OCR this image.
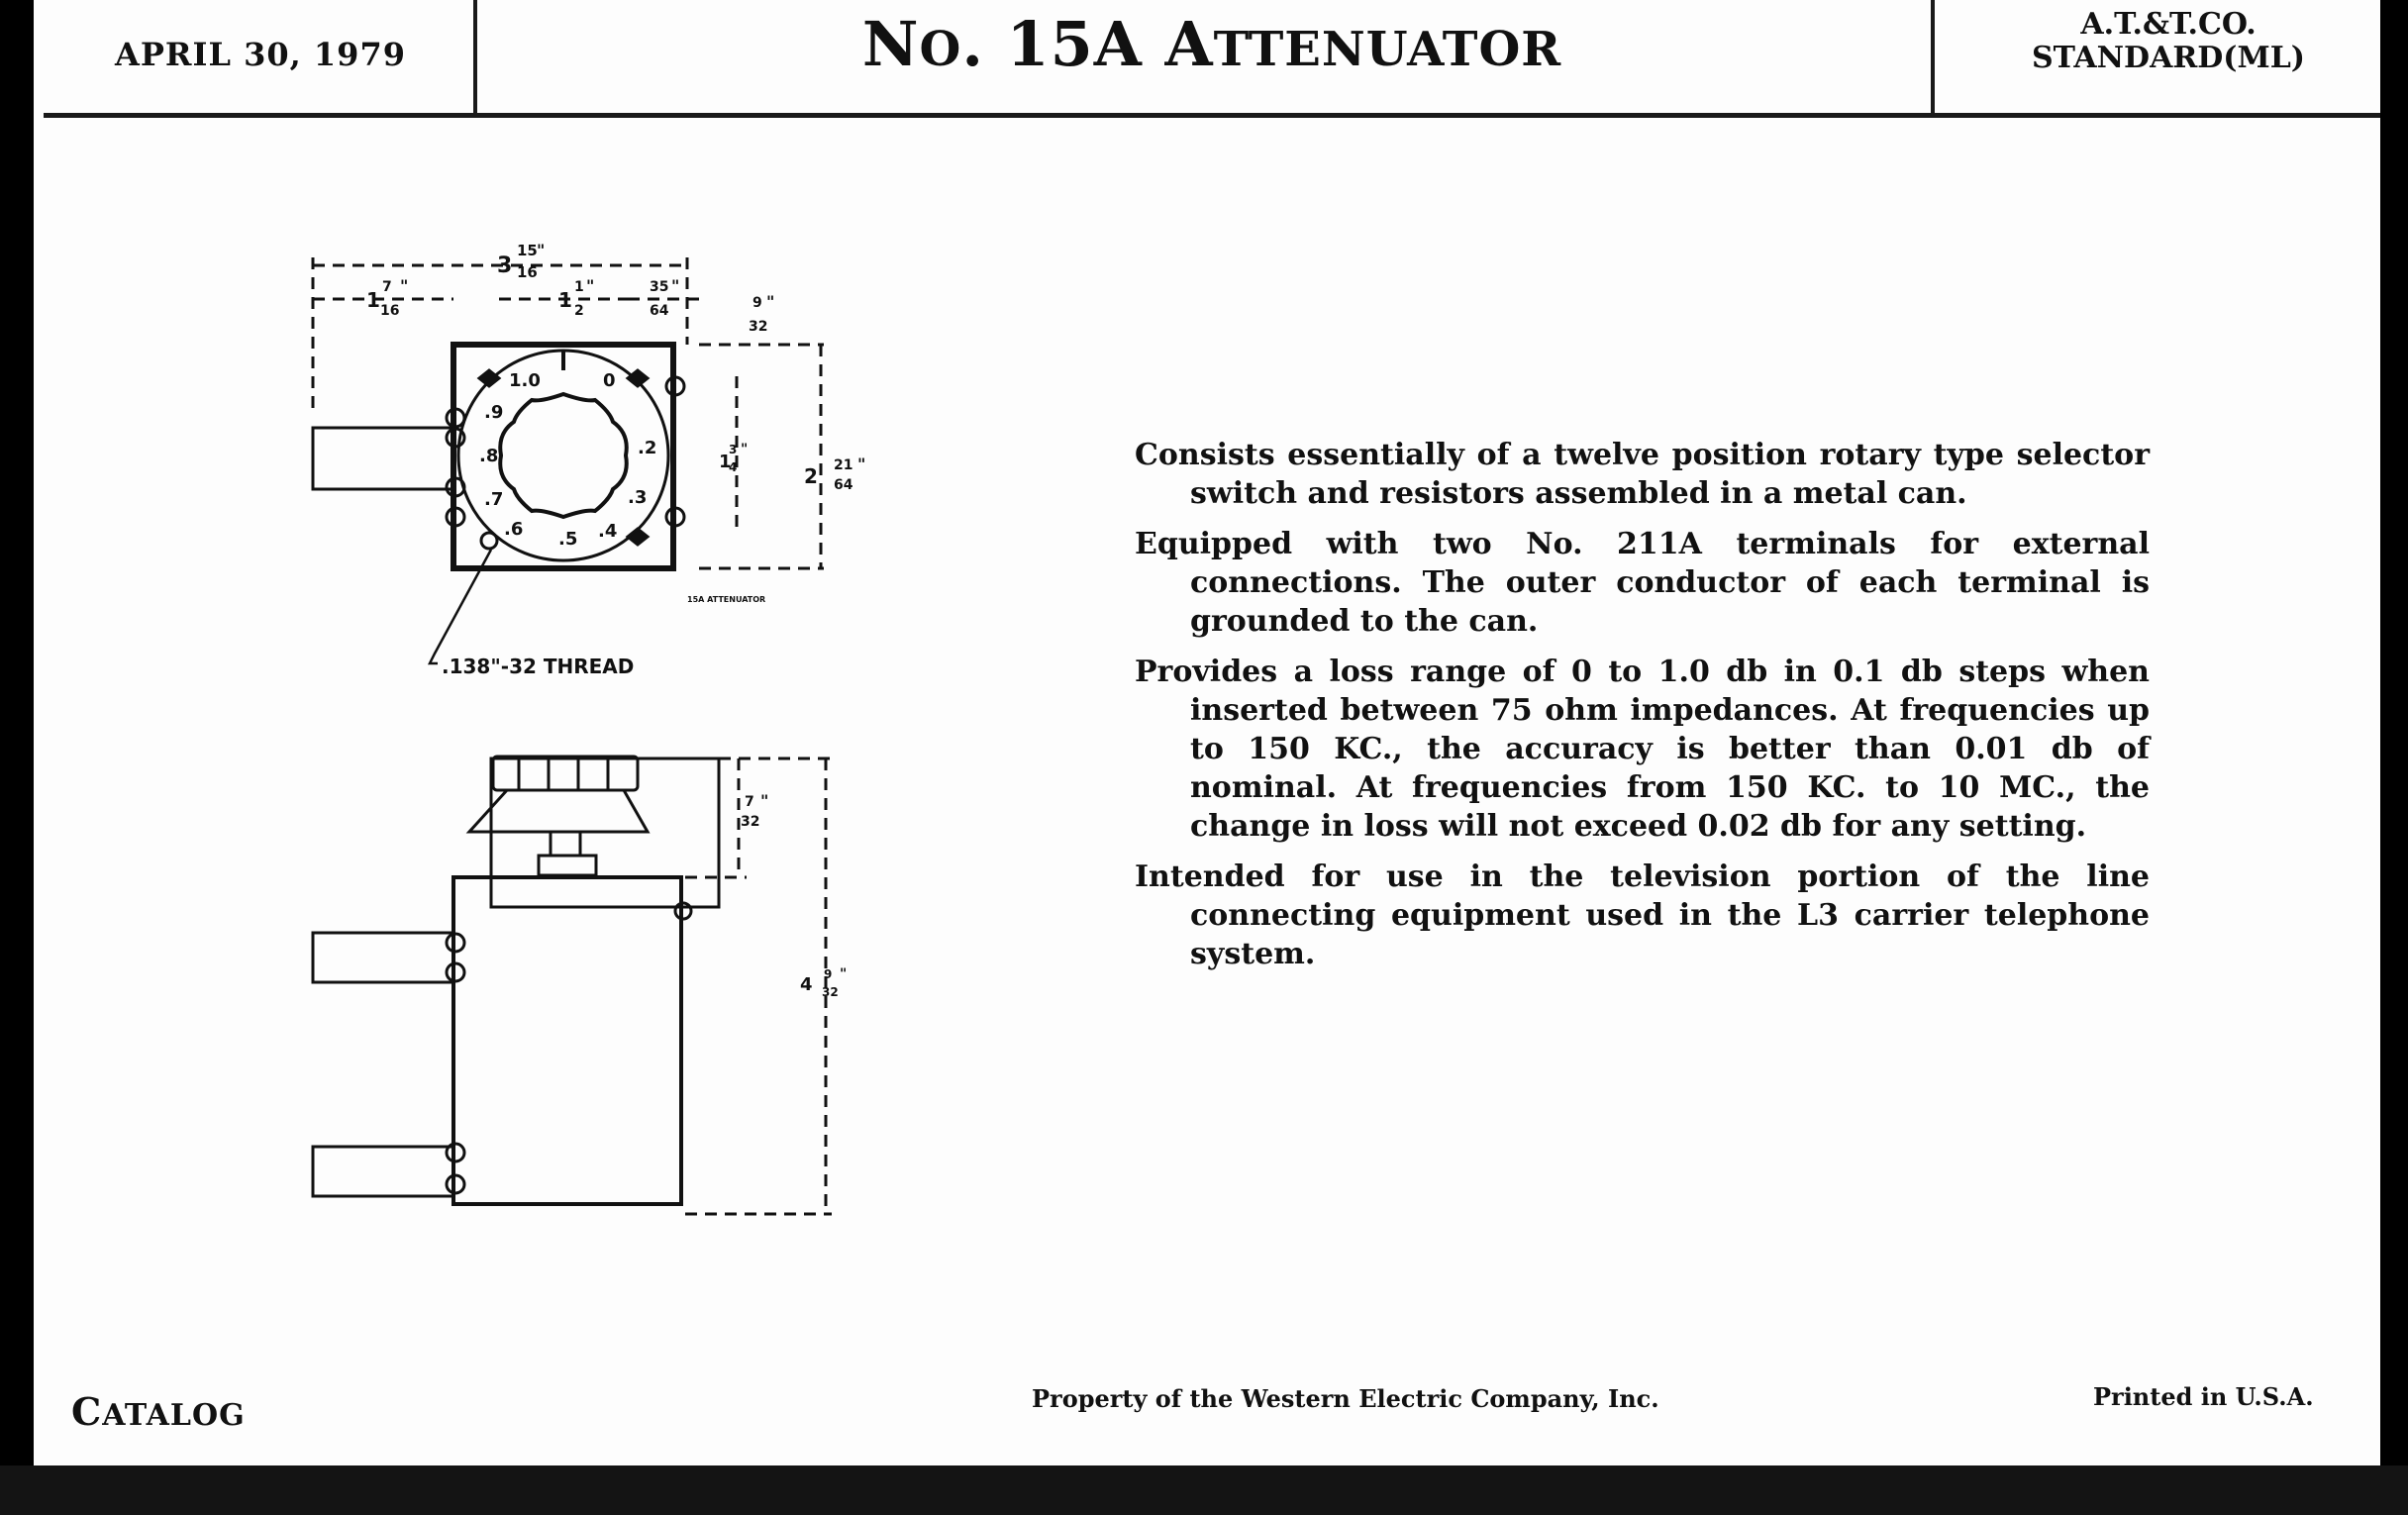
APRIL 30, 1979	NO. 15A ATTENUATOR	A.T.&T.CO.
STANDARD(ML)
0
.2
.3
.4
.5
.6
.7
.8
.9
1.0
3
15
16
"
1
7
16
"
1
1
2
"	35
64
"
9
32
"
1
3
4
"
2 21
64
"
15A ATTENUATOR
.138"-32 THREAD
7
32
"
4 9
32
"

Consists essentially of a twelve position rotary type selector switch and resistors assembled in a metal can.

Equipped with two No. 211A terminals for external connections. The outer conductor of each terminal is grounded to the can.

Provides a loss range of 0 to 1.0 db in 0.1 db steps when inserted between 75 ohm impedances. At frequencies up to 150 KC., the accuracy is better than 0.01 db of nominal. At frequencies from 150 KC. to 10 MC., the change in loss will not exceed 0.02 db for any setting.

Intended for use in the television portion of the line connecting equipment used in the L3 carrier telephone system.

CATALOG	Property of the Western Electric Company, Inc.	Printed in U.S.A.
